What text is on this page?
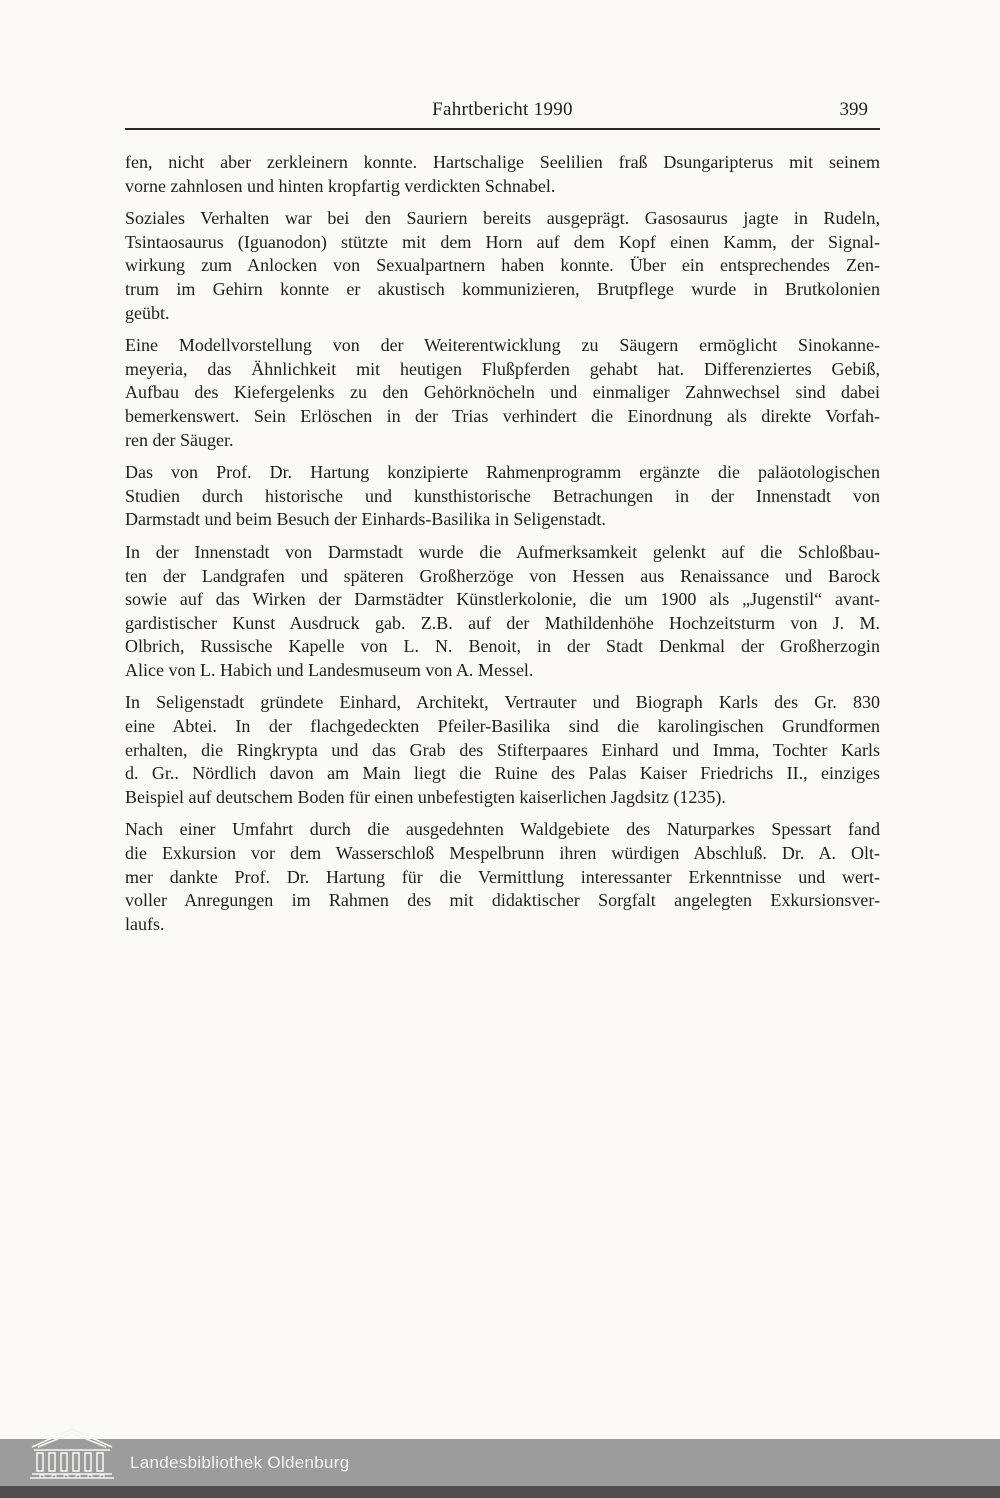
Fahrtbericht 1990	399
fen, nicht aber zerkleinern konnte. Hartschalige Seelilien fraß Dsungaripterus mit seinem
vorne zahnlosen und hinten kropfartig verdickten Schnabel.
Soziales Verhalten war bei den Sauriern bereits ausgeprägt. Gasosaurus jagte in Rudeln,
Tsintaosaurus (Iguanodon) stützte mit dem Horn auf dem Kopf einen Kamm, der Signal-
wirkung zum Anlocken von Sexualpartnern haben konnte. Über ein entsprechendes Zen-
trum im Gehirn konnte er akustisch kommunizieren, Brutpflege wurde in Brutkolonien
geübt.
Eine Modellvorstellung von der Weiterentwicklung zu Säugern ermöglicht Sinokanne-
meyeria, das Ähnlichkeit mit heutigen Flußpferden gehabt hat. Differenziertes Gebiß,
Aufbau des Kiefergelenks zu den Gehörknöcheln und einmaliger Zahnwechsel sind dabei
bemerkenswert. Sein Erlöschen in der Trias verhindert die Einordnung als direkte Vorfah-
ren der Säuger.
Das von Prof. Dr. Hartung konzipierte Rahmenprogramm ergänzte die paläotologischen
Studien durch historische und kunsthistorische Betrachungen in der Innenstadt von
Darmstadt und beim Besuch der Einhards-Basilika in Seligenstadt.
In der Innenstadt von Darmstadt wurde die Aufmerksamkeit gelenkt auf die Schloßbau-
ten der Landgrafen und späteren Großherzöge von Hessen aus Renaissance und Barock
sowie auf das Wirken der Darmstädter Künstlerkolonie, die um 1900 als „Jugenstil“ avant-
gardistischer Kunst Ausdruck gab. Z.B. auf der Mathildenhöhe Hochzeitsturm von J. M.
Olbrich, Russische Kapelle von L. N. Benoit, in der Stadt Denkmal der Großherzogin
Alice von L. Habich und Landesmuseum von A. Messel.
In Seligenstadt gründete Einhard, Architekt, Vertrauter und Biograph Karls des Gr. 830
eine Abtei. In der flachgedeckten Pfeiler-Basilika sind die karolingischen Grundformen
erhalten, die Ringkrypta und das Grab des Stifterpaares Einhard und Imma, Tochter Karls
d. Gr.. Nördlich davon am Main liegt die Ruine des Palas Kaiser Friedrichs II., einziges
Beispiel auf deutschem Boden für einen unbefestigten kaiserlichen Jagdsitz (1235).
Nach einer Umfahrt durch die ausgedehnten Waldgebiete des Naturparkes Spessart fand
die Exkursion vor dem Wasserschloß Mespelbrunn ihren würdigen Abschluß. Dr. A. Olt-
mer dankte Prof. Dr. Hartung für die Vermittlung interessanter Erkenntnisse und wert-
voller Anregungen im Rahmen des mit didaktischer Sorgfalt angelegten Exkursionsver-
laufs.
Landesbibliothek Oldenburg
